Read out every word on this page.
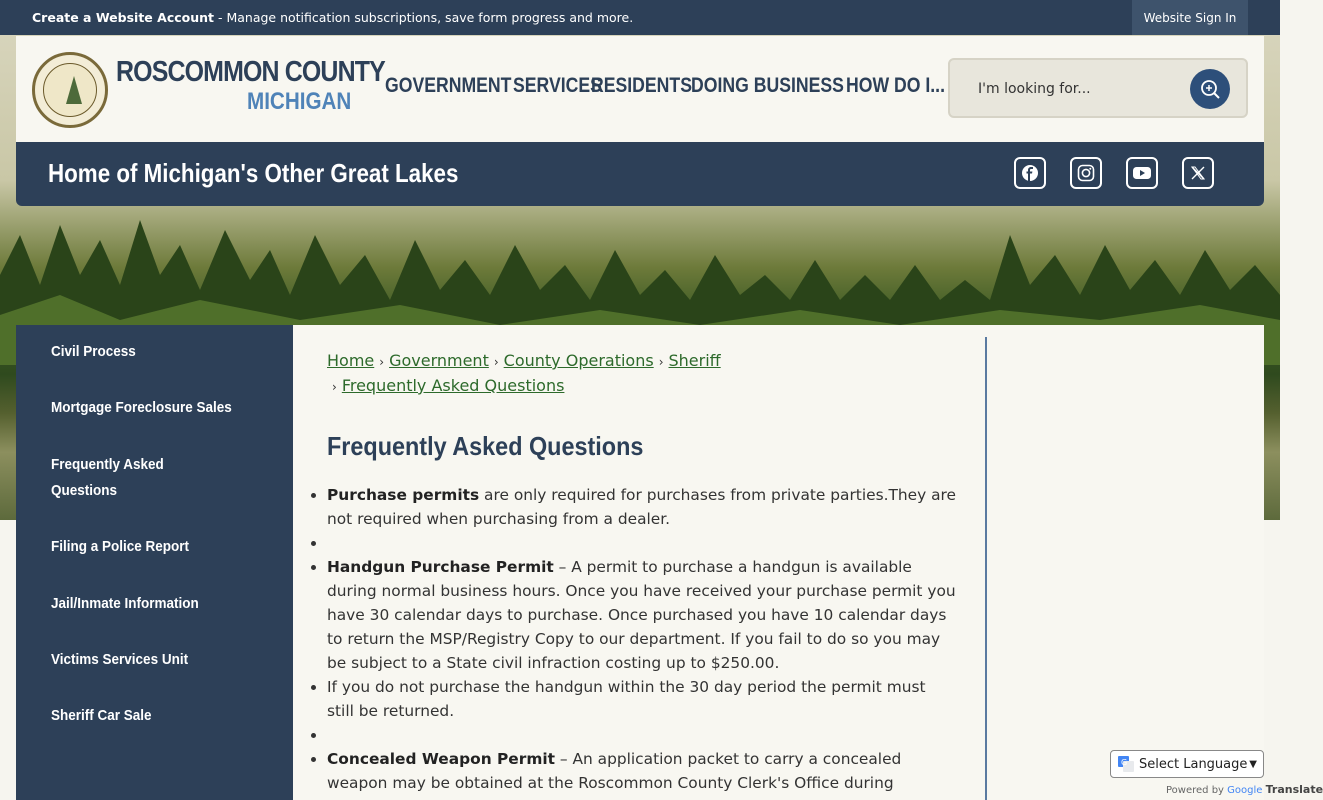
Create a Website Account - Manage notification subscriptions, save form progress and more.	Website Sign In
ROSCOMMON COUNTY
MICHIGAN
GOVERNMENT SERVICES
RESIDENTS DOING BUSINESS HOW DO I...
I'm looking for...
Home of Michigan's Other Great Lakes
Civil Process
Mortgage Foreclosure Sales
Frequently Asked Questions
Filing a Police Report
Jail/Inmate Information
Victims Services Unit
Sheriff Car Sale
Home › Government › County Operations › Sheriff
› Frequently Asked Questions
Frequently Asked Questions
• Purchase permits are only required for purchases from private parties.They are not required when purchasing from a dealer.
•
• Handgun Purchase Permit – A permit to purchase a handgun is available during normal business hours. Once you have received your purchase permit you have 30 calendar days to purchase. Once purchased you have 10 calendar days to return the MSP/Registry Copy to our department. If you fail to do so you may be subject to a State civil infraction costing up to $250.00.
• If you do not purchase the handgun within the 30 day period the permit must still be returned.
•
• Concealed Weapon Permit – An application packet to carry a concealed weapon may be obtained at the Roscommon County Clerk's Office during
G Select Language ▼
Powered by Google Translate
